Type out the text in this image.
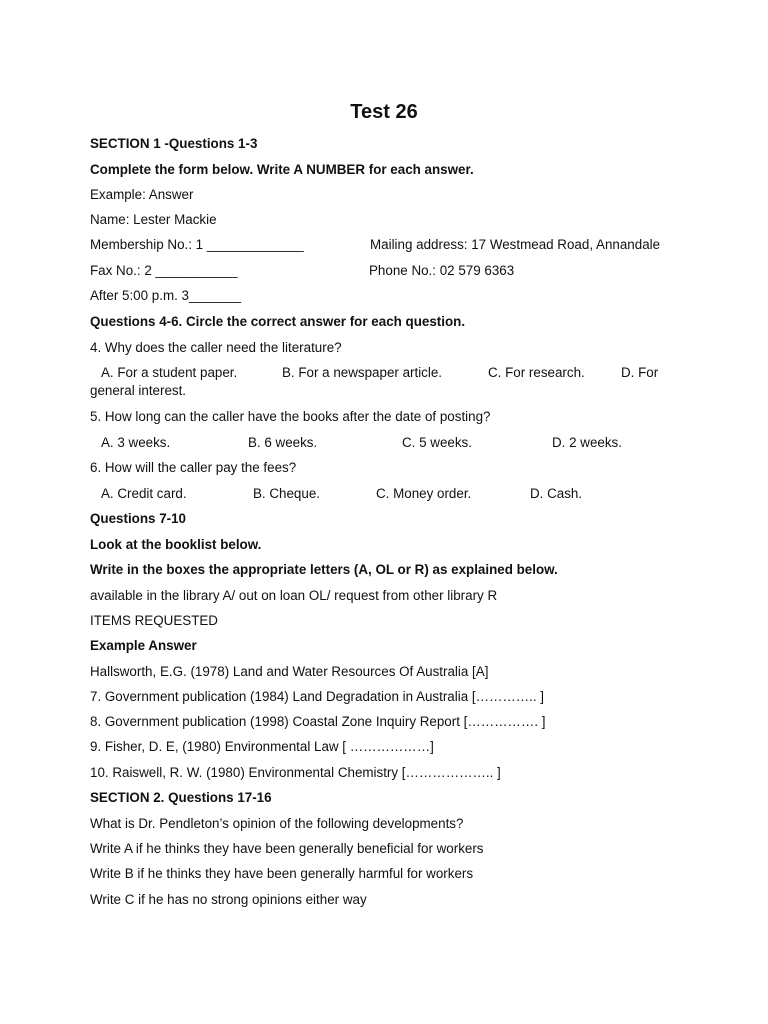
Test 26
SECTION 1 -Questions 1-3
Complete the form below. Write A NUMBER for each answer.
Example: Answer
Name: Lester Mackie
Membership No.: 1 _____________	Mailing address: 17 Westmead Road, Annandale
Fax No.: 2 ___________	Phone No.: 02 579 6363
After 5:00 p.m. 3_______
Questions 4-6. Circle the correct answer for each question.
4. Why does the caller need the literature?
A. For a student paper.	B. For a newspaper article.	C. For research.	D. For
general interest.
5. How long can the caller have the books after the date of posting?
A. 3 weeks.	B. 6 weeks.	C. 5 weeks.	D. 2 weeks.
6. How will the caller pay the fees?
A. Credit card.	B. Cheque.	C. Money order.	D. Cash.
Questions 7-10
Look at the booklist below.
Write in the boxes the appropriate letters (A, OL or R) as explained below.
available in the library A/ out on loan OL/ request from other library R
ITEMS REQUESTED
Example Answer
Hallsworth, E.G. (1978) Land and Water Resources Of Australia [A]
7. Government publication (1984) Land Degradation in Australia [………….. ]
8. Government publication (1998) Coastal Zone Inquiry Report [……………. ]
9. Fisher, D. E, (1980) Environmental Law [ ………………]
10. Raiswell, R. W. (1980) Environmental Chemistry [……………….. ]
SECTION 2. Questions 17-16
What is Dr. Pendleton’s opinion of the following developments?
Write A if he thinks they have been generally beneficial for workers
Write B if he thinks they have been generally harmful for workers
Write C if he has no strong opinions either way
